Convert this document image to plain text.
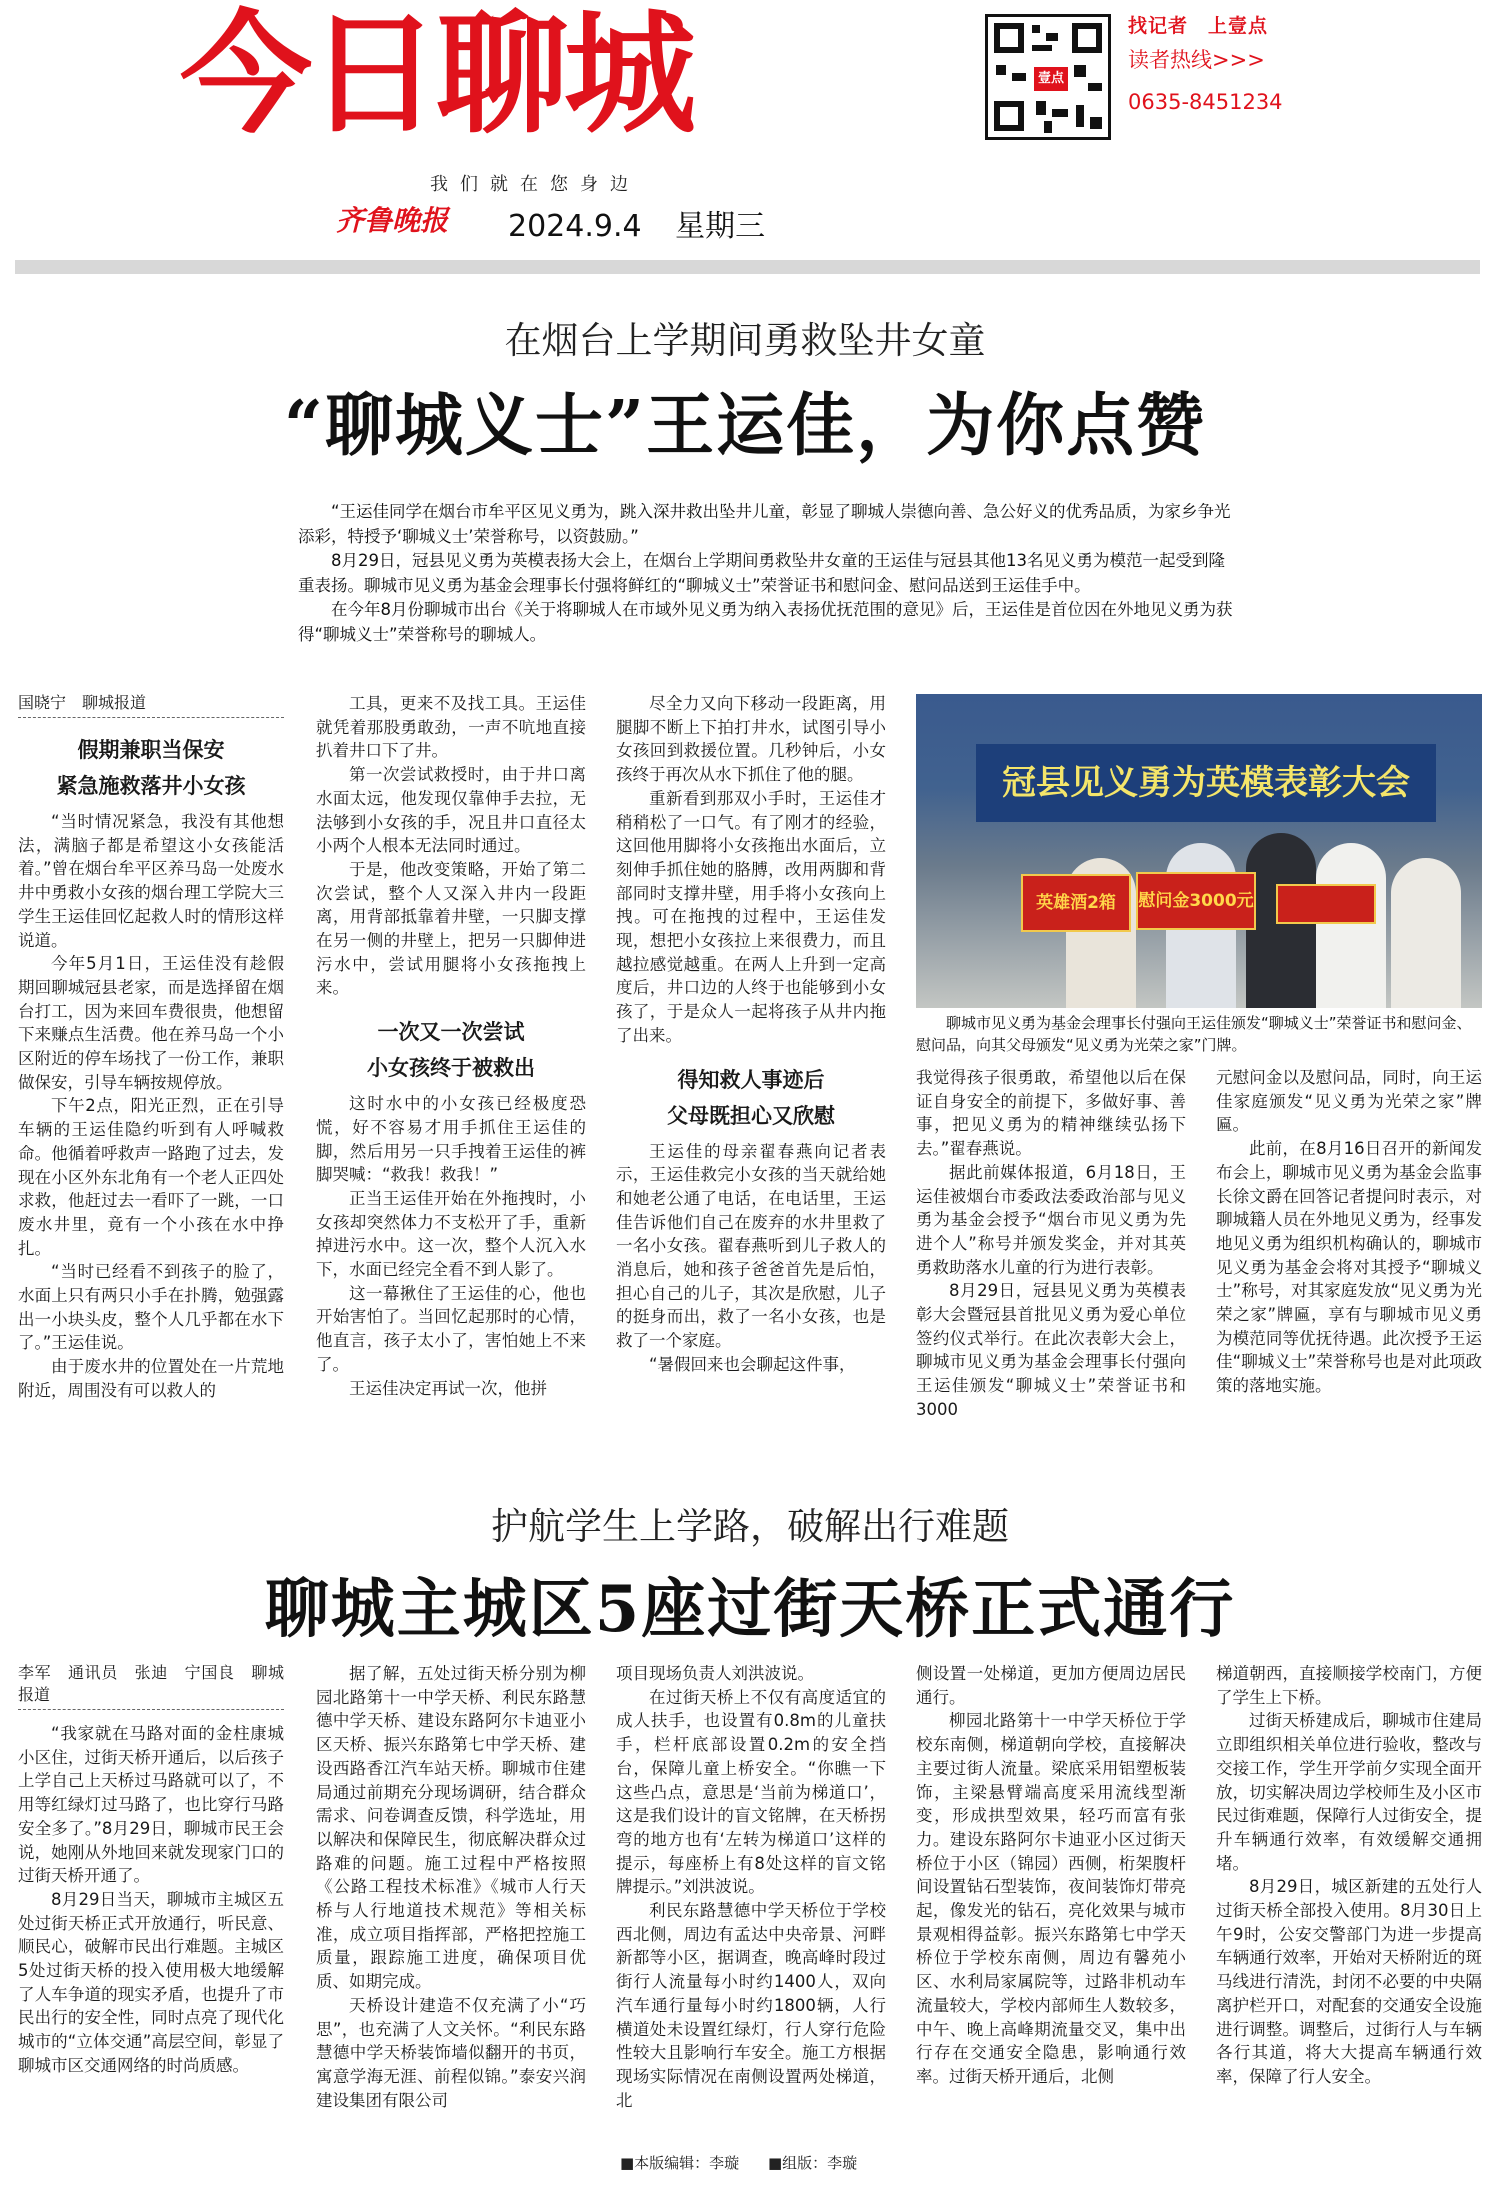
今日聊城	壹点
找记者　上壹点
读者热线>>>
0635-8451234
我们就在您身边
齐鲁晚报 2024.9.4 星期三
在烟台上学期间勇救坠井女童
“聊城义士”王运佳，为你点赞

“王运佳同学在烟台市牟平区见义勇为，跳入深井救出坠井儿童，彰显了聊城人崇德向善、急公好义的优秀品质，为家乡争光添彩，特授予‘聊城义士’荣誉称号，以资鼓励。”

8月29日，冠县见义勇为英模表扬大会上，在烟台上学期间勇救坠井女童的王运佳与冠县其他13名见义勇为模范一起受到隆重表扬。聊城市见义勇为基金会理事长付强将鲜红的“聊城义士”荣誉证书和慰问金、慰问品送到王运佳手中。

在今年8月份聊城市出台《关于将聊城人在市域外见义勇为纳入表扬优抚范围的意见》后，王运佳是首位因在外地见义勇为获得“聊城义士”荣誉称号的聊城人。

国晓宁　聊城报道
假期兼职当保安
紧急施救落井小女孩

“当时情况紧急，我没有其他想法，满脑子都是希望这小女孩能活着。”曾在烟台牟平区养马岛一处废水井中勇救小女孩的烟台理工学院大三学生王运佳回忆起救人时的情形这样说道。

今年5月1日，王运佳没有趁假期回聊城冠县老家，而是选择留在烟台打工，因为来回车费很贵，他想留下来赚点生活费。他在养马岛一个小区附近的停车场找了一份工作，兼职做保安，引导车辆按规停放。

下午2点，阳光正烈，正在引导车辆的王运佳隐约听到有人呼喊救命。他循着呼救声一路跑了过去，发现在小区外东北角有一个老人正四处求救，他赶过去一看吓了一跳，一口废水井里，竟有一个小孩在水中挣扎。

“当时已经看不到孩子的脸了，水面上只有两只小手在扑腾，勉强露出一小块头皮，整个人几乎都在水下了。”王运佳说。

由于废水井的位置处在一片荒地附近，周围没有可以救人的

工具，更来不及找工具。王运佳就凭着那股勇敢劲，一声不吭地直接扒着井口下了井。

第一次尝试救授时，由于井口离水面太远，他发现仅靠伸手去拉，无法够到小女孩的手，况且井口直径太小两个人根本无法同时通过。

于是，他改变策略，开始了第二次尝试，整个人又深入井内一段距离，用背部抵靠着井壁，一只脚支撑在另一侧的井壁上，把另一只脚伸进污水中，尝试用腿将小女孩拖拽上来。

一次又一次尝试
小女孩终于被救出

这时水中的小女孩已经极度恐慌，好不容易才用手抓住王运佳的脚，然后用另一只手拽着王运佳的裤脚哭喊：“救我！救我！”

正当王运佳开始在外拖拽时，小女孩却突然体力不支松开了手，重新掉进污水中。这一次，整个人沉入水下，水面已经完全看不到人影了。

这一幕揪住了王运佳的心，他也开始害怕了。当回忆起那时的心情，他直言，孩子太小了，害怕她上不来了。

王运佳决定再试一次，他拼

尽全力又向下移动一段距离，用腿脚不断上下拍打井水，试图引导小女孩回到救援位置。几秒钟后，小女孩终于再次从水下抓住了他的腿。

重新看到那双小手时，王运佳才稍稍松了一口气。有了刚才的经验，这回他用脚将小女孩拖出水面后，立刻伸手抓住她的胳膊，改用两脚和背部同时支撑井壁，用手将小女孩向上拽。可在拖拽的过程中，王运佳发现，想把小女孩拉上来很费力，而且越拉感觉越重。在两人上升到一定高度后，井口边的人终于也能够到小女孩了，于是众人一起将孩子从井内拖了出来。

得知救人事迹后
父母既担心又欣慰

王运佳的母亲翟春燕向记者表示，王运佳救完小女孩的当天就给她和她老公通了电话，在电话里，王运佳告诉他们自己在废弃的水井里救了一名小女孩。翟春燕听到儿子救人的消息后，她和孩子爸爸首先是后怕，担心自己的儿子，其次是欣慰，儿子的挺身而出，救了一名小女孩，也是救了一个家庭。

“暑假回来也会聊起这件事，

冠县见义勇为英模表彰大会
英雄酒2箱	慰问金3000元
聊城市见义勇为基金会理事长付强向王运佳颁发“聊城义士”荣誉证书和慰问金、慰问品，向其父母颁发“见义勇为光荣之家”门牌。

我觉得孩子很勇敢，希望他以后在保证自身安全的前提下，多做好事、善事，把见义勇为的精神继续弘扬下去。”翟春燕说。

据此前媒体报道，6月18日，王运佳被烟台市委政法委政治部与见义勇为基金会授予“烟台市见义勇为先进个人”称号并颁发奖金，并对其英勇救助落水儿童的行为进行表彰。

8月29日，冠县见义勇为英模表彰大会暨冠县首批见义勇为爱心单位签约仪式举行。在此次表彰大会上，聊城市见义勇为基金会理事长付强向王运佳颁发“聊城义士”荣誉证书和3000

元慰问金以及慰问品，同时，向王运佳家庭颁发“见义勇为光荣之家”牌匾。

此前，在8月16日召开的新闻发布会上，聊城市见义勇为基金会监事长徐文爵在回答记者提问时表示，对聊城籍人员在外地见义勇为，经事发地见义勇为组织机构确认的，聊城市见义勇为基金会将对其授予“聊城义士”称号，对其家庭发放“见义勇为光荣之家”牌匾，享有与聊城市见义勇为模范同等优抚待遇。此次授予王运佳“聊城义士”荣誉称号也是对此项政策的落地实施。

护航学生上学路，破解出行难题
聊城主城区5座过街天桥正式通行
李军　通讯员　张迪　宁国良　聊城报道

“我家就在马路对面的金柱康城小区住，过街天桥开通后，以后孩子上学自己上天桥过马路就可以了，不用等红绿灯过马路了，也比穿行马路安全多了。”8月29日，聊城市民王会说，她刚从外地回来就发现家门口的过街天桥开通了。

8月29日当天，聊城市主城区五处过街天桥正式开放通行，听民意、顺民心，破解市民出行难题。主城区5处过街天桥的投入使用极大地缓解了人车争道的现实矛盾，也提升了市民出行的安全性，同时点亮了现代化城市的“立体交通”高层空间，彰显了聊城市区交通网络的时尚质感。

据了解，五处过街天桥分别为柳园北路第十一中学天桥、利民东路慧德中学天桥、建设东路阿尔卡迪亚小区天桥、振兴东路第七中学天桥、建设西路香江汽车站天桥。聊城市住建局通过前期充分现场调研，结合群众需求、问卷调查反馈，科学选址，用以解决和保障民生，彻底解决群众过路难的问题。施工过程中严格按照《公路工程技术标准》《城市人行天桥与人行地道技术规范》等相关标准，成立项目指挥部，严格把控施工质量，跟踪施工进度，确保项目优质、如期完成。

天桥设计建造不仅充满了小“巧思”，也充满了人文关怀。“利民东路慧德中学天桥装饰墙似翻开的书页，寓意学海无涯、前程似锦。”泰安兴润建设集团有限公司

项目现场负责人刘洪波说。

在过街天桥上不仅有高度适宜的成人扶手，也设置有0.8m的儿童扶手，栏杆底部设置0.2m的安全挡台，保障儿童上桥安全。“你瞧一下这些凸点，意思是‘当前为梯道口’，这是我们设计的盲文铭牌，在天桥拐弯的地方也有‘左转为梯道口’这样的提示，每座桥上有8处这样的盲文铭牌提示。”刘洪波说。

利民东路慧德中学天桥位于学校西北侧，周边有孟达中央帝景、河畔新都等小区，据调查，晚高峰时段过街行人流量每小时约1400人，双向汽车通行量每小时约1800辆，人行横道处未设置红绿灯，行人穿行危险性较大且影响行车安全。施工方根据现场实际情况在南侧设置两处梯道，北

侧设置一处梯道，更加方便周边居民通行。

柳园北路第十一中学天桥位于学校东南侧，梯道朝向学校，直接解决主要过街人流量。梁底采用铝塑板装饰，主梁悬臂端高度采用流线型渐变，形成拱型效果，轻巧而富有张力。建设东路阿尔卡迪亚小区过街天桥位于小区（锦园）西侧，桁架腹杆间设置钻石型装饰，夜间装饰灯带亮起，像发光的钻石，亮化效果与城市景观相得益彰。振兴东路第七中学天桥位于学校东南侧，周边有馨苑小区、水利局家属院等，过路非机动车流量较大，学校内部师生人数较多，中午、晚上高峰期流量交叉，集中出行存在交通安全隐患，影响通行效率。过街天桥开通后，北侧

梯道朝西，直接顺接学校南门，方便了学生上下桥。

过街天桥建成后，聊城市住建局立即组织相关单位进行验收，整改与交接工作，学生开学前夕实现全面开放，切实解决周边学校师生及小区市民过街难题，保障行人过街安全，提升车辆通行效率，有效缓解交通拥堵。

8月29日，城区新建的五处行人过街天桥全部投入使用。8月30日上午9时，公安交警部门为进一步提高车辆通行效率，开始对天桥附近的斑马线进行清洗，封闭不必要的中央隔离护栏开口，对配套的交通安全设施进行调整。调整后，过街行人与车辆各行其道，将大大提高车辆通行效率，保障了行人安全。

■本版编辑：李璇 ■组版：李璇
